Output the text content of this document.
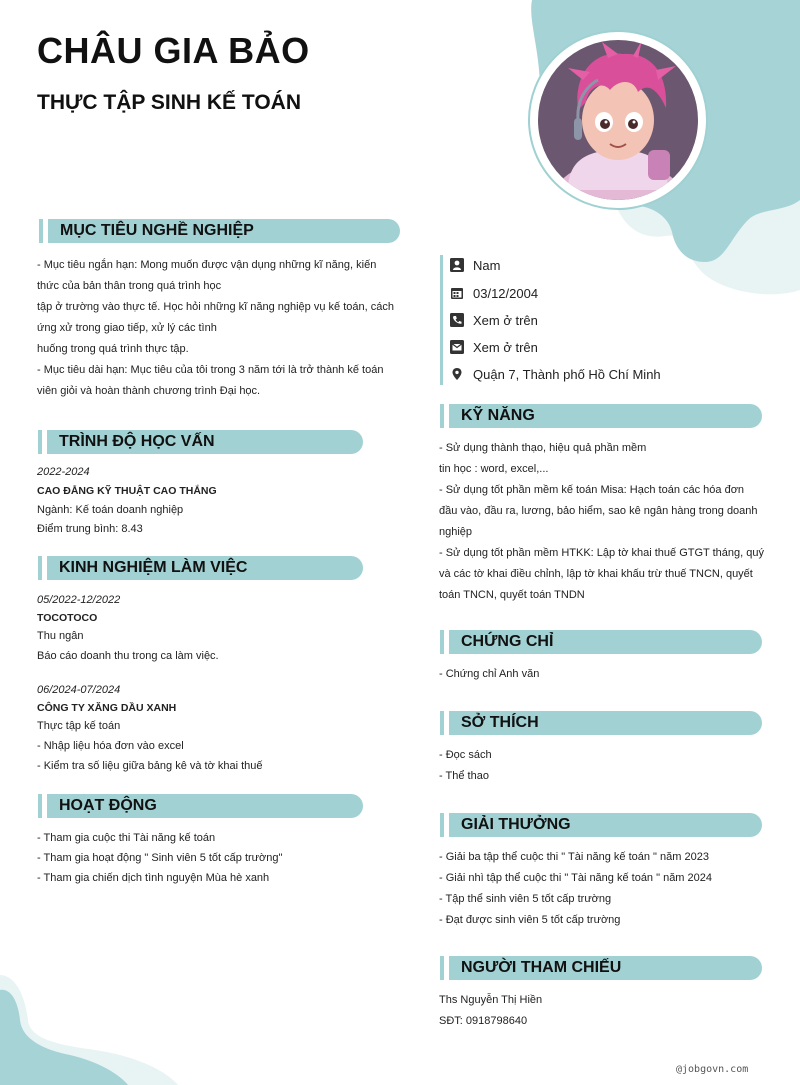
CHÂU GIA BẢO
THỰC TẬP SINH KẾ TOÁN
MỤC TIÊU NGHỀ NGHIỆP

- Mục tiêu ngắn hạn: Mong muốn được vận dụng những kĩ năng, kiến

thức của bản thân trong quá trình học

tập ở trường vào thực tế. Học hỏi những kĩ năng nghiệp vụ kế toán, cách

ứng xử trong giao tiếp, xử lý các tình

huống trong quá trình thực tập.

- Mục tiêu dài hạn: Mục tiêu của tôi trong 3 năm tới là trở thành kế toán

viên giỏi và hoàn thành chương trình Đại học.

TRÌNH ĐỘ HỌC VẤN

2022-2024

CAO ĐẲNG KỸ THUẬT CAO THẮNG

Ngành: Kế toán doanh nghiệp

Điểm trung bình: 8.43

KINH NGHIỆM LÀM VIỆC

05/2022-12/2022

TOCOTOCO

Thu ngân

Báo cáo doanh thu trong ca làm việc.

06/2024-07/2024

CÔNG TY XĂNG DẦU XANH

Thực tập kế toán

- Nhập liệu hóa đơn vào excel

- Kiểm tra số liệu giữa bảng kê và tờ khai thuế

HOẠT ĐỘNG

- Tham gia cuộc thi Tài năng kế toán

- Tham gia hoạt động " Sinh viên 5 tốt cấp trường"

- Tham gia chiến dịch tình nguyện Mùa hè xanh

Nam
03/12/2004
Xem ở trên
Xem ở trên
Quận 7, Thành phố Hồ Chí Minh
KỸ NĂNG

- Sử dụng thành thạo, hiệu quả phần mềm

tin học : word, excel,...

- Sử dụng tốt phần mềm kế toán Misa: Hạch toán các hóa đơn

đầu vào, đầu ra, lương, bảo hiểm, sao kê ngân hàng trong doanh

nghiệp

- Sử dụng tốt phần mềm HTKK: Lập tờ khai thuế GTGT tháng, quý

và các tờ khai điều chỉnh, lập tờ khai khấu trừ thuế TNCN, quyết

toán TNCN, quyết toán TNDN

CHỨNG CHỈ

- Chứng chỉ Anh văn

SỞ THÍCH

- Đọc sách

- Thể thao

GIẢI THƯỞNG

- Giải ba tập thể cuộc thi " Tài năng kế toán " năm 2023

- Giải nhì tập thể cuộc thi " Tài năng kế toán " năm 2024

- Tập thể sinh viên 5 tốt cấp trường

- Đạt được sinh viên 5 tốt cấp trường

NGƯỜI THAM CHIẾU

Ths Nguyễn Thị Hiền

SĐT: 0918798640

@jobgovn.com
